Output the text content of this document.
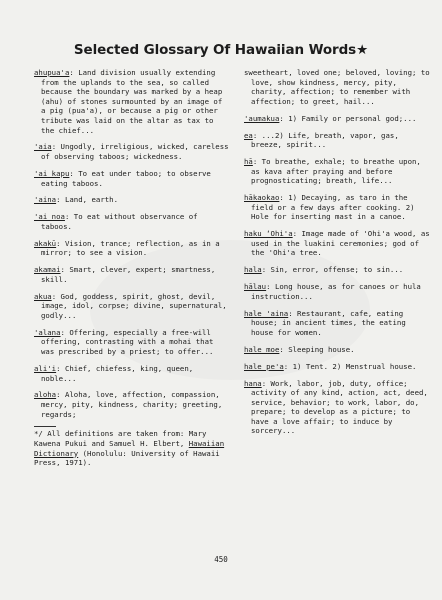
Selected Glossary Of Hawaiian Words★
ahupua'a: Land division usually extending from the uplands to the sea, so called because the boundary was marked by a heap (ahu) of stones surmounted by an image of a pig (pua'a), or because a pig or other tribute was laid on the altar as tax to the chief...
'aia: Ungodly, irreligious, wicked, careless of observing taboos; wickedness.
'ai kapu: To eat under taboo; to observe eating taboos.
'aina: Land, earth.
'ai noa: To eat without observance of taboos.
akakū: Vision, trance; reflection, as in a mirror; to see a vision.
akamai: Smart, clever, expert; smartness, skill.
akua: God, goddess, spirit, ghost, devil, image, idol, corpse; divine, supernatural, godly...
'alana: Offering, especially a free-will offering, contrasting with a mohai that was prescribed by a priest; to offer...
ali'i: Chief, chiefess, king, queen, noble...
aloha: Aloha, love, affection, compassion, mercy, pity, kindness, charity; greeting, regards;
*/ All definitions are taken from: Mary Kawena Pukui and Samuel H. Elbert, Hawaiian Dictionary (Honolulu: University of Hawaii Press, 1971).
sweetheart, loved one; beloved, loving; to love, show kindness, mercy, pity, charity, affection; to remember with affection; to greet, hail...
'aumakua: 1) Family or personal god;...
ea: ...2) Life, breath, vapor, gas, breeze, spirit...
hā: To breathe, exhale; to breathe upon, as kava after praying and before prognosticating; breath, life...
hākaokao: 1) Decaying, as taro in the field or a few days after cooking. 2) Hole for inserting mast in a canoe.
haku ʻOhi'a: Image made of 'Ohi'a wood, as used in the luakini ceremonies; god of the 'Ohi'a tree.
hala: Sin, error, offense; to sin...
hālau: Long house, as for canoes or hula instruction...
hale 'aina: Restaurant, cafe, eating house; in ancient times, the eating house for women.
hale moe: Sleeping house.
hale pe'a: 1) Tent. 2) Menstrual house.
hana: Work, labor, job, duty, office; activity of any kind, action, act, deed, service, behavior; to work, labor, do, prepare; to develop as a picture; to have a love affair; to induce by sorcery...
450
